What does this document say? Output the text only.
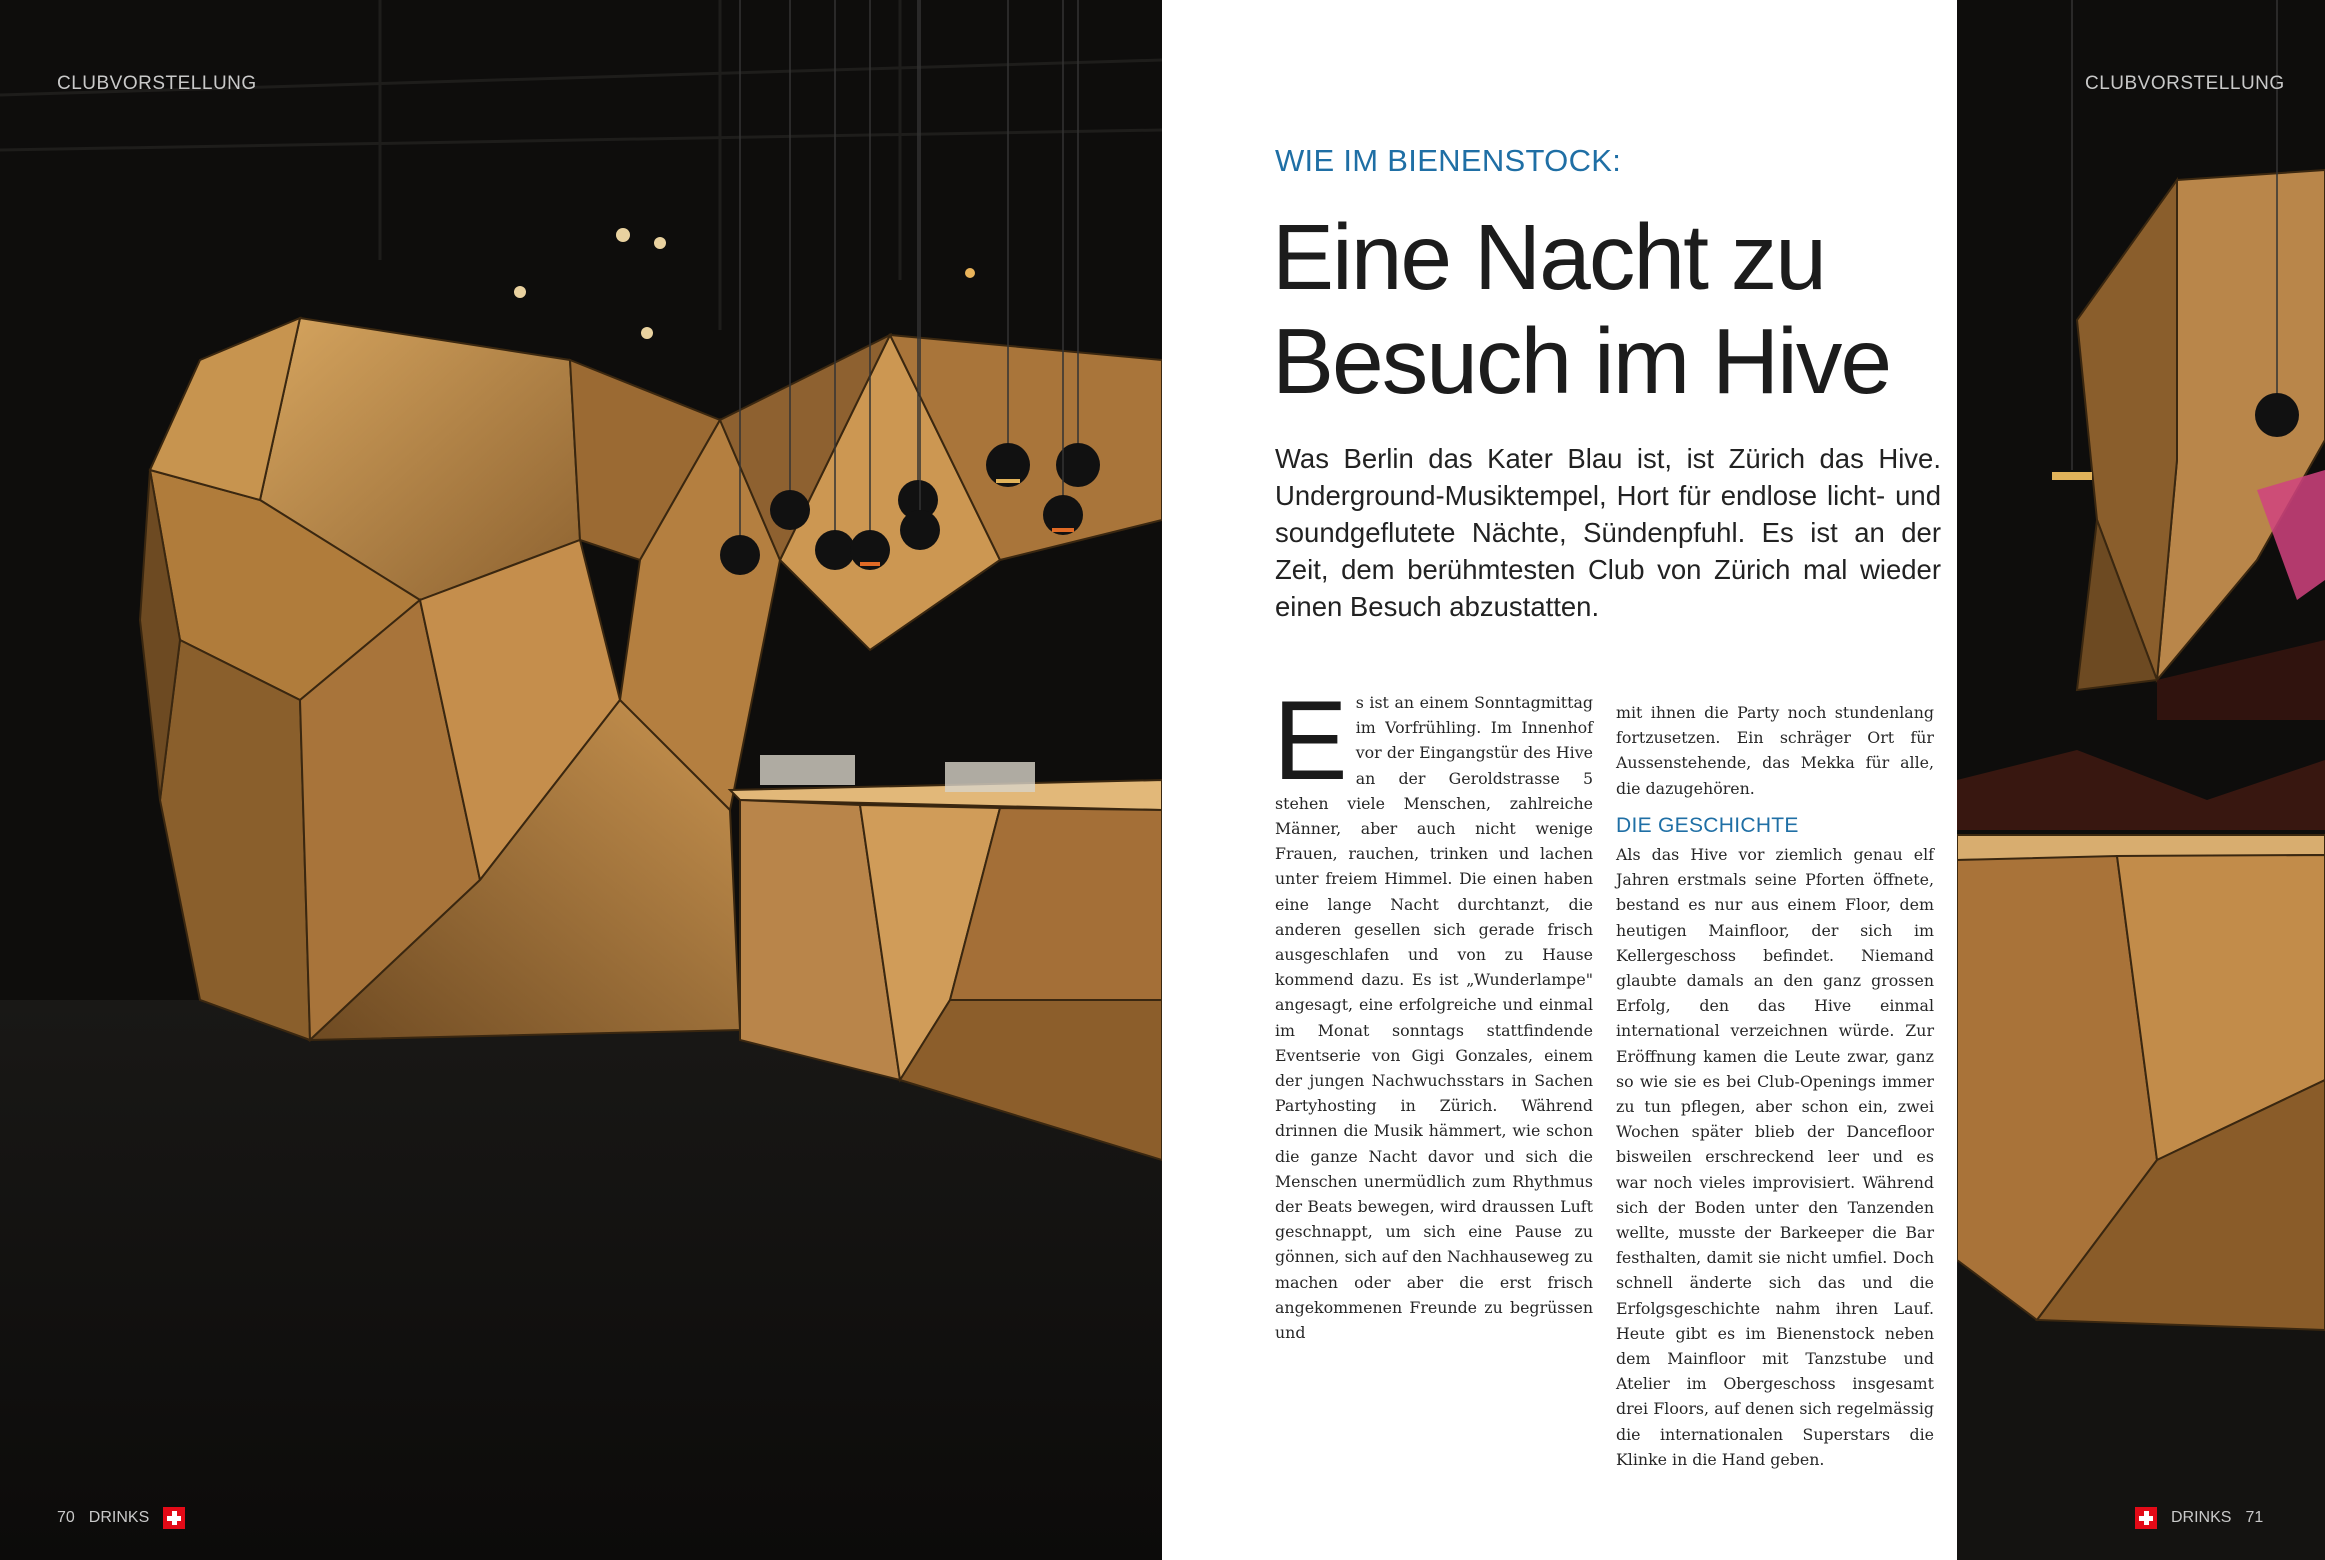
CLUBVORSTELLUNG
70 DRINKS
WIE IM BIENENSTOCK:
Eine Nacht zu
Besuch im Hive
Was Berlin das Kater Blau ist, ist Zürich das Hive. Underground-Musiktempel, Hort für endlose licht- und soundgeflutete Nächte, Sündenpfuhl. Es ist an der Zeit, dem berühmtesten Club von Zürich mal wieder einen Besuch abzustatten.
E s ist an einem Sonntagmittag im Vorfrühling. Im Innenhof vor der Eingangstür des Hive an der Geroldstrasse 5 stehen viele Menschen, zahlreiche Männer, aber auch nicht wenige Frauen, rauchen, trinken und lachen unter freiem Himmel. Die einen haben eine lange Nacht durchtanzt, die anderen gesellen sich gerade frisch ausgeschlafen und von zu Hause kommend dazu. Es ist „Wunderlampe" angesagt, eine erfolgreiche und einmal im Monat sonntags stattfindende Eventserie von Gigi Gonzales, einem der jungen Nachwuchsstars in Sachen Partyhosting in Zürich. Während drinnen die Musik hämmert, wie schon die ganze Nacht davor und sich die Menschen unermüdlich zum Rhythmus der Beats bewegen, wird draussen Luft geschnappt, um sich eine Pause zu gönnen, sich auf den Nachhauseweg zu machen oder aber die erst frisch angekommenen Freunde zu begrüssen und

mit ihnen die Party noch stundenlang fortzusetzen. Ein schräger Ort für Aussenstehende, das Mekka für alle, die dazugehören.

DIE GESCHICHTE

Als das Hive vor ziemlich genau elf Jahren erstmals seine Pforten öffnete, bestand es nur aus einem Floor, dem heutigen Mainfloor, der sich im Kellergeschoss befindet. Niemand glaubte damals an den ganz grossen Erfolg, den das Hive einmal international verzeichnen würde. Zur Eröffnung kamen die Leute zwar, ganz so wie sie es bei Club-Openings immer zu tun pflegen, aber schon ein, zwei Wochen später blieb der Dancefloor bisweilen erschreckend leer und es war noch vieles improvisiert. Während sich der Boden unter den Tanzenden wellte, musste der Barkeeper die Bar festhalten, damit sie nicht umfiel. Doch schnell änderte sich das und die Erfolgsgeschichte nahm ihren Lauf. Heute gibt es im Bienenstock neben dem Mainfloor mit Tanzstube und Atelier im Obergeschoss insgesamt drei Floors, auf denen sich regelmässig die internationalen Superstars die Klinke in die Hand geben.

CLUBVORSTELLUNG
DRINKS 71
